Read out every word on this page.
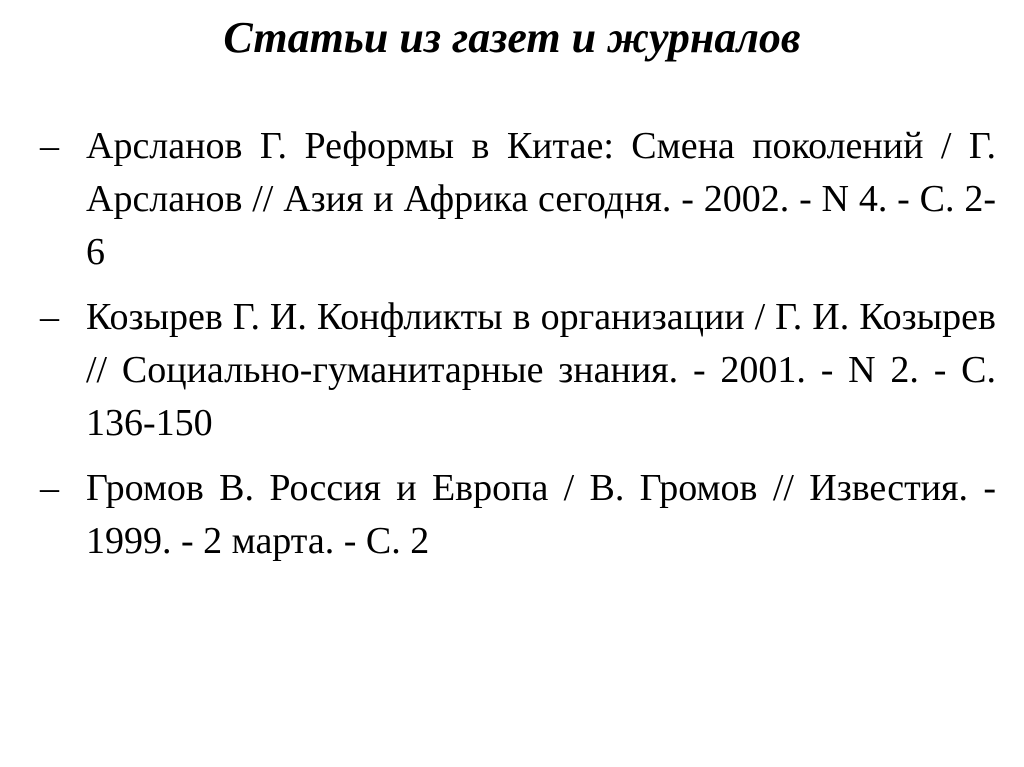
Статьи из газет и журналов
– Арсланов Г. Реформы в Китае: Смена поколений / Г. Арсланов // Азия и Африка сегодня. - 2002. - N 4. - С. 2-6
– Козырев Г. И. Конфликты в организации / Г. И. Козырев // Социально-гуманитарные знания. - 2001. - N 2. - С. 136-150
– Громов В. Россия и Европа / В. Громов // Известия. - 1999. - 2 марта. - С. 2
